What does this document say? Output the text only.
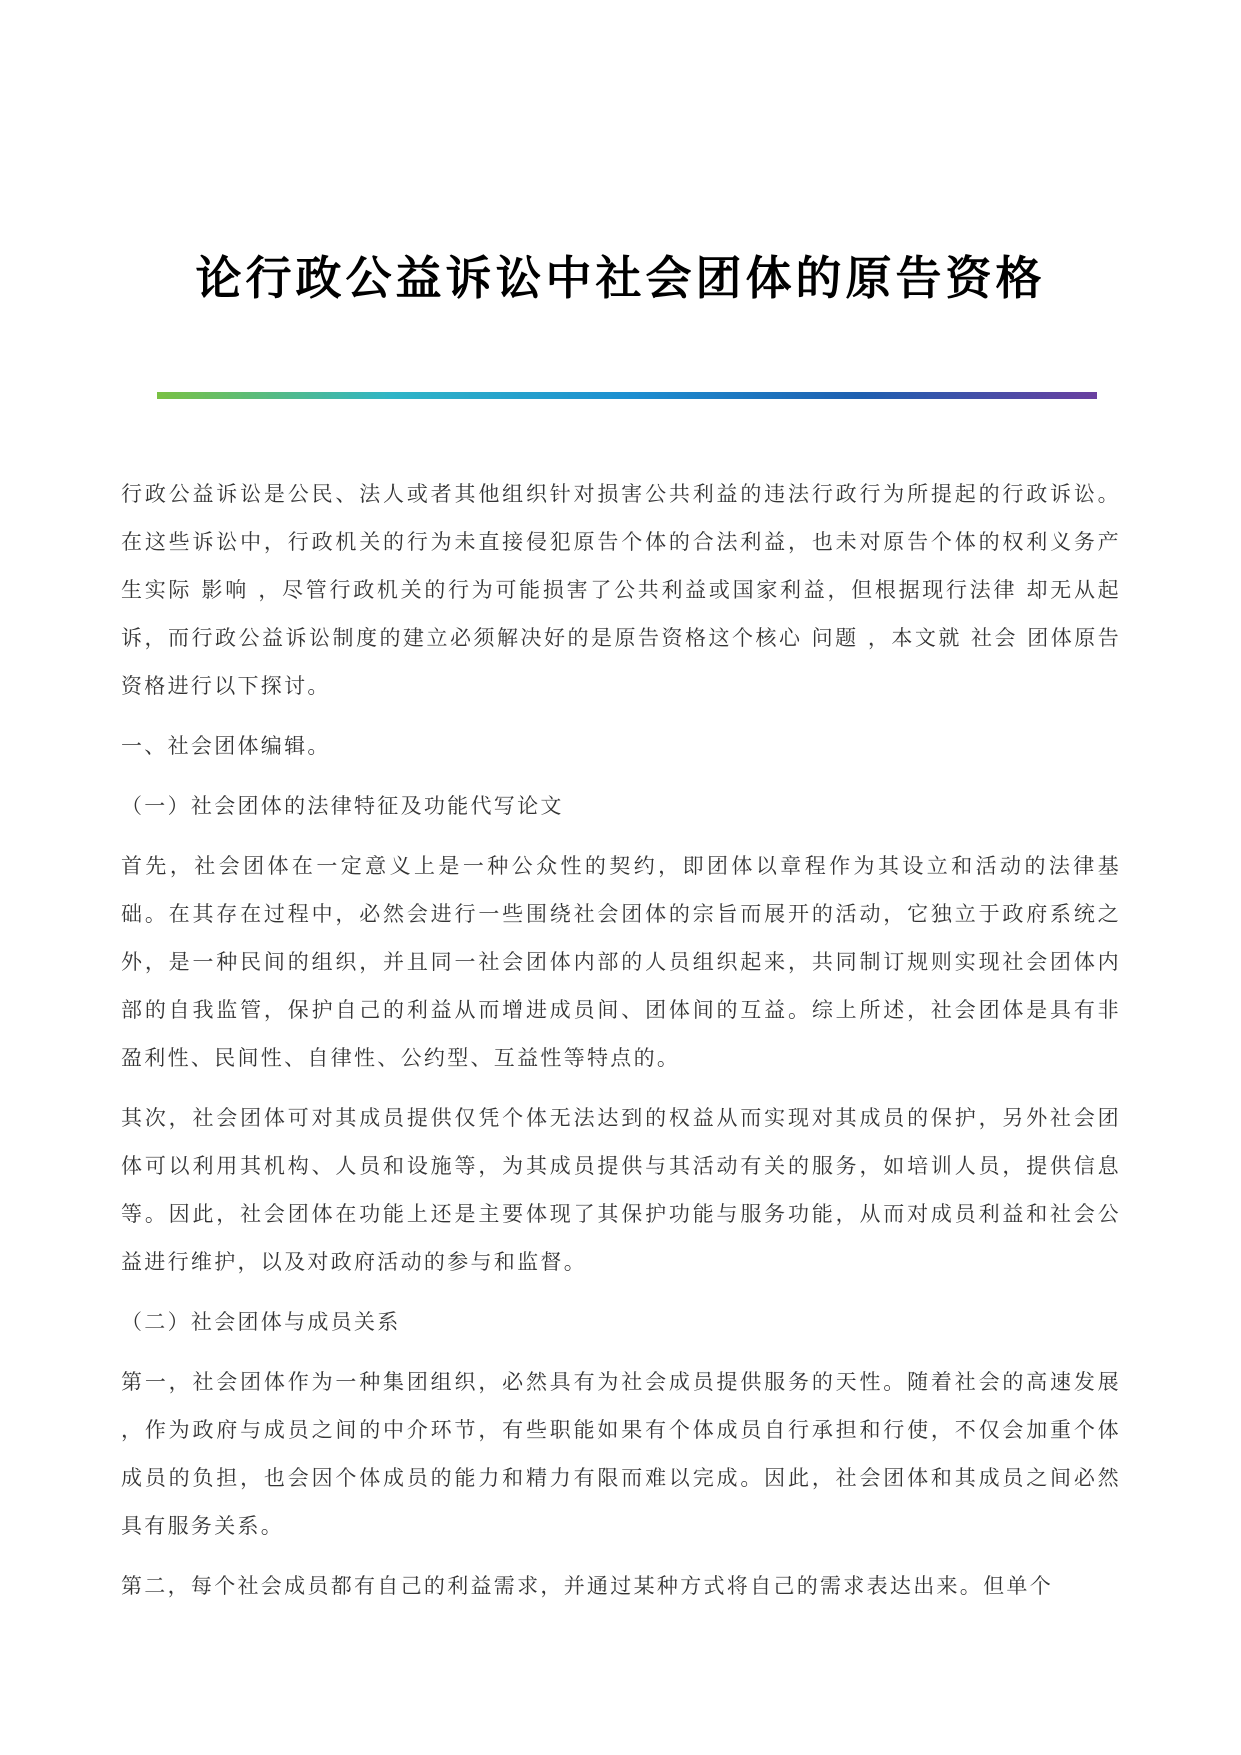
论行政公益诉讼中社会团体的原告资格

行政公益诉讼是公民、法人或者其他组织针对损害公共利益的违法行政行为所提起的行政诉讼。在这些诉讼中，行政机关的行为未直接侵犯原告个体的合法利益，也未对原告个体的权利义务产生实际 影响 ，尽管行政机关的行为可能损害了公共利益或国家利益，但根据现行法律 却无从起诉，而行政公益诉讼制度的建立必须解决好的是原告资格这个核心 问题 ，本文就 社会 团体原告资格进行以下探讨。

一、社会团体编辑。

（一）社会团体的法律特征及功能代写论文

首先，社会团体在一定意义上是一种公众性的契约，即团体以章程作为其设立和活动的法律基础。在其存在过程中，必然会进行一些围绕社会团体的宗旨而展开的活动，它独立于政府系统之外，是一种民间的组织，并且同一社会团体内部的人员组织起来，共同制订规则实现社会团体内部的自我监管，保护自己的利益从而增进成员间、团体间的互益。综上所述，社会团体是具有非盈利性、民间性、自律性、公约型、互益性等特点的。

其次，社会团体可对其成员提供仅凭个体无法达到的权益从而实现对其成员的保护，另外社会团体可以利用其机构、人员和设施等，为其成员提供与其活动有关的服务，如培训人员，提供信息等。因此，社会团体在功能上还是主要体现了其保护功能与服务功能，从而对成员利益和社会公益进行维护，以及对政府活动的参与和监督。

（二）社会团体与成员关系

第一，社会团体作为一种集团组织，必然具有为社会成员提供服务的天性。随着社会的高速发展 ，作为政府与成员之间的中介环节，有些职能如果有个体成员自行承担和行使，不仅会加重个体成员的负担，也会因个体成员的能力和精力有限而难以完成。因此，社会团体和其成员之间必然具有服务关系。

第二，每个社会成员都有自己的利益需求，并通过某种方式将自己的需求表达出来。但单个
